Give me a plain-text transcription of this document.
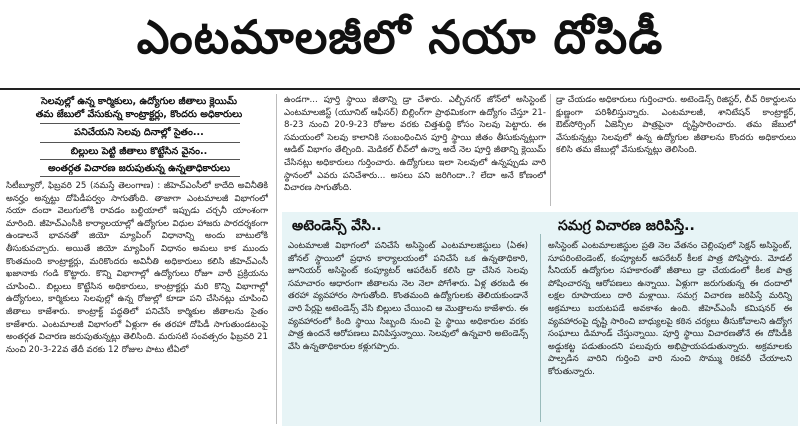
ఎంటమాలజీలో నయా దోపిడీ
సెలవుల్లో ఉన్న కార్మికులు, ఉద్యోగుల జీతాలు క్లెయిమ్
తమ జేబులో వేసుకున్న కాంట్రాక్టర్లు, కొందరు అధికారులు
పనిచేయని సెలవు దినాల్లో సైతం...
బిల్లులు పెట్టి జీతాలు కొట్టేసిన వైనం..
అంతర్గత విచారణ జరుపుతున్న ఉన్నతాధికారులు
సిటీబ్యూరో, ఫిబ్రవరి 25 (నమస్తే తెలంగాణ) : జీహెచ్‌ఎంసీలో కాదేది అవినీతికి అనర్హం అన్నట్టు దోపిడీపర్వం సాగుతోంది. తాజాగా ఎంటమాలజీ విభాగంలో నయా దందా వెలుగులోకి రావడం బల్దియాలో ఇప్పుడు చర్చనీ యాంశంగా మారింది. జీహెచ్‌ఎంసీకి కార్యాలయాల్లో ఉద్యోగుల విధుల హాజరు పారదర్శకంగా ఉండాలనే భావనతో జియో మ్యాపింగ్ విధానాన్ని అందు బాటులోకి తీసుకువచ్చారు. అయితే జియో మ్యాపింగ్ విధానం అమలు కాక ముందు కొంతమంది కాంట్రాక్టర్లు, మరికొందరు అవినీతి అధికారులు కలిసి జీహెచ్‌ఎంసీ ఖజానాకు గండి కొట్టారు. కొన్ని విభాగాల్లో ఉద్యోగులు రోజూ వారీ ప్రక్రియను చూపించి.. బిల్లులు కొట్టేసిన అధికారులు, కాంట్రాక్టర్లు మరి కొన్ని విభాగాల్లో ఉద్యోగులు, కార్మికులు సెలవుల్లో ఉన్న రోజుల్లో కూడా పని చేసినట్లు చూపించి జీతాలు కాజేశారు. కాంట్రాక్ట్ పద్ధతిలో పనిచేసే కార్మికుల జీతాలను సైతం కాజేశారు. ఎంటమాలజీ విభాగంలో ఏళ్లుగా ఈ తరహా దోపిడీ సాగుతుండటంపై అంతర్గత విచారణ జరుపుతున్నట్లు తెలిసింది. మరుసటి సంవత్సరం ఫిబ్రవరి 21 నుంచి 20-3-22వ తేదీ వరకు 12 రోజుల పాటు టీఏలో
ఉండగా... పూర్తి స్థాయి జీతాన్ని డ్రా చేశారు. ఎల్బీనగర్ జోన్‌లో అసిస్టెంట్ ఎంటమాలజిస్ట్ (యూనిట్ ఆఫీసర్) బిల్లింగ్‌గా ప్రాథమికంగా ఉద్యోగం చేస్తూ 21-8-23 నుంచి 20-9-23 రోజుల వరకు చిత్తశుద్ధి కోసం సెలవు పెట్టారు. ఈ సమయంలో సెలవు కాలానికి సంబంధించిన పూర్తి స్థాయి జీతం తీసుకున్నట్లుగా ఆడిట్ విభాగం తేల్చింది. మెడికల్ లీవ్‌లో ఉన్నా అదే నెల పూర్తి జీతాన్ని క్లెయిమ్ చేసినట్లు అధికారులు గుర్తించారు. ఉద్యోగులు ఇలా సెలవులో ఉన్నప్పుడు వారి స్థానంలో ఎవరు పనిచేశారు... అసలు పని జరిగిందా..? లేదా అనే కోణంలో విచారణ సాగుతోంది.
డ్రా చేయడం అధికారులు గుర్తించారు. అటెండెన్స్ రిజిస్టర్, లీవ్ రికార్డులను క్షుణ్ణంగా పరిశీలిస్తున్నారు. ఎంటమాలజీ, శానిటేషన్ కాంట్రాక్టర్, ఔట్‌సోర్సింగ్ ఏజెన్సీల పాత్రపైనా దృష్టిసారించారు. తమ జేబులో వేసుకున్నట్లు సెలవులో ఉన్న ఉద్యోగుల జీతాలను కొందరు అధికారులు కలిసి తమ జేబుల్లో వేసుకున్నట్లు తెలిసింది.
అటెండెన్స్ వేసి..
ఎంటమాలజీ విభాగంలో పనిచేసే అసిస్టెంట్ ఎంటమాలజిస్టులు (ఏఈ) జోనల్ స్థాయిలో ప్రధాన కార్యాలయంలో పనిచేసే ఒక ఉన్నతాధికారి, జూనియర్ అసిస్టెంట్ కంప్యూటర్ ఆపరేటర్ కలిసి డ్రా చేసిన సెలవు సమాచారం ఆధారంగా జీతాలను నెల నెలా పోగేశారు. ఏళ్ల తరబడి ఈ తరహా వ్యవహారం సాగుతోంది. కొంతమంది ఉద్యోగులకు తెలియకుండానే వారి పేర్లపై అటెండెన్స్ వేసి బిల్లులు చేయించి ఆ మొత్తాలను కాజేశారు. ఈ వ్యవహారంలో కింది స్థాయి సిబ్బంది నుంచి పై స్థాయి అధికారుల వరకు పాత్ర ఉందనే ఆరోపణలు వినిపిస్తున్నాయి. సెలవులో ఉన్నవారి అటెండెన్స్ వేసి ఉన్నతాధికారుల కళ్లుగప్పారు.
సమగ్ర విచారణ జరిపిస్తే..
అసిస్టెంట్ ఎంటమాలజిస్టుల ప్రతి నెల వేతనం చెల్లింపులో సెక్షన్ అసిస్టెంట్, సూపరింటెండెంట్, కంప్యూటర్ ఆపరేటర్ కీలక పాత్ర పోషిస్తారు. మోడల్ సీనియర్ ఉద్యోగుల సహకారంతో జీతాలు డ్రా చేయడంలో కీలక పాత్ర పోషించారన్న ఆరోపణలు ఉన్నాయి. ఏళ్లుగా జరుగుతున్న ఈ దందాలో లక్షల రూపాయలు దారి మళ్లాయి. సమగ్ర విచారణ జరిపిస్తే మరిన్ని అక్రమాలు బయటపడే అవకాశం ఉంది. జీహెచ్‌ఎంసీ కమిషనర్ ఈ వ్యవహారంపై దృష్టి సారించి బాధ్యులపై కఠిన చర్యలు తీసుకోవాలని ఉద్యోగ సంఘాలు డిమాండ్ చేస్తున్నాయి. పూర్తి స్థాయి విచారణతోనే ఈ దోపిడీకి అడ్డుకట్ట పడుతుందని పలువురు అభిప్రాయపడుతున్నారు. అక్రమాలకు పాల్పడిన వారిని గుర్తించి వారి నుంచి సొమ్ము రికవరీ చేయాలని కోరుతున్నారు.
